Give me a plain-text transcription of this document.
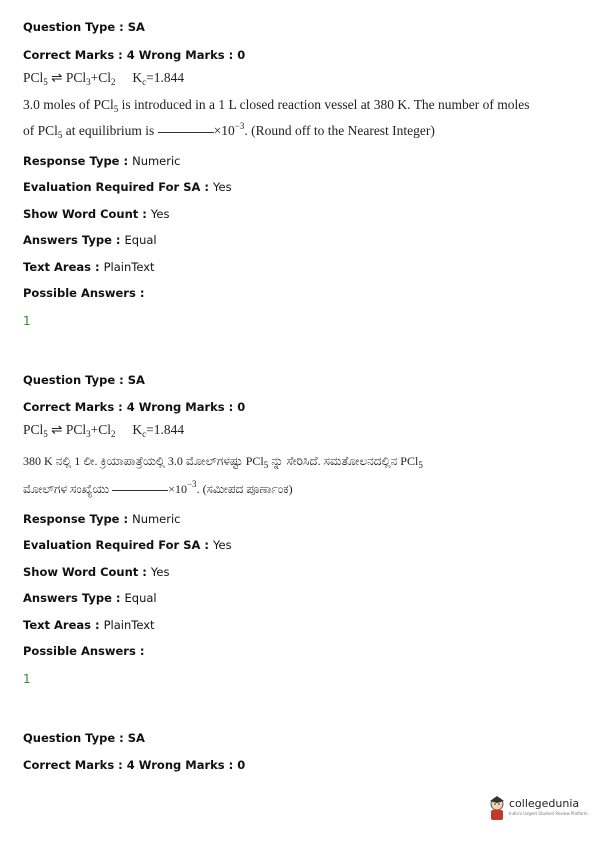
Question Type : SA
Correct Marks : 4 Wrong Marks : 0
PCl$_5$ ⇌ $PCl_3+Cl_2$ $K_c=1.844$
3.0 moles of PCl$_5$ is introduced in a 1 L closed reaction vessel at 380 K. The number of moles
of PCl$_5$ at equilibrium is	$\times 10^{-3}$. (Round off to the Nearest Integer)
Response Type : Numeric
Evaluation Required For SA : Yes
Show Word Count : Yes
Answers Type : Equal
Text Areas : PlainText
Possible Answers :
1
Question Type : SA
Correct Marks : 4 Wrong Marks : 0
PCl$_5$ ⇌ $PCl_3+Cl_2$ $K_c=1.844$
380 K ನಲ್ಲಿ 1 ಲೀ. ಕ್ರಿಯಾಪಾತ್ರೆಯಲ್ಲಿ 3.0 ಮೋಲ್‌ಗಳಷ್ಟು PCl$_5$ ನ್ನು ಸೇರಿಸಿದೆ. ಸಮತೋಲನದಲ್ಲಿನ PCl$_5$
ಮೋಲ್‌ಗಳ ಸಂಖ್ಯೆಯು	$\times 10^{-3}$. (ಸಮೀಪದ ಪೂರ್ಣಾಂಕ)
Response Type : Numeric
Evaluation Required For SA : Yes
Show Word Count : Yes
Answers Type : Equal
Text Areas : PlainText
Possible Answers :
1
Question Type : SA
Correct Marks : 4 Wrong Marks : 0
collegedunia
India's largest Student Review Platform
